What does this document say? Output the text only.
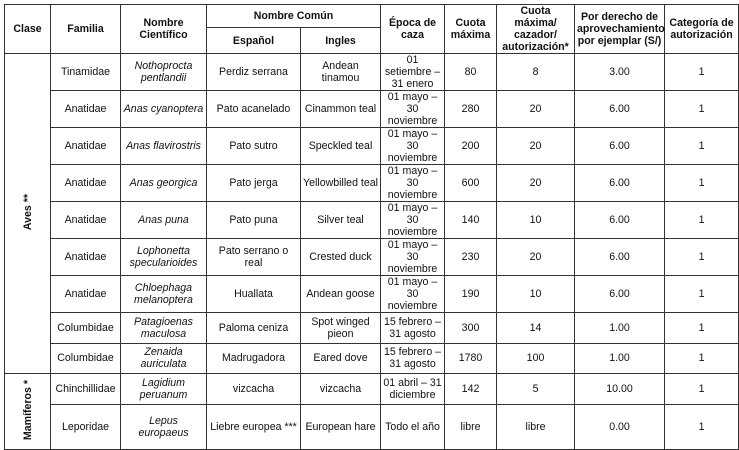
Clase	Familia	Nombre Científico	Nombre Común		Época de caza	Cuota máxima	Cuota máxima/ cazador/ autorización*	Por derecho de aprovechamiento por ejemplar (S/)	Categoría de autorización
			Español	Ingles					
Aves **	Tinamidae	Nothoprocta pentlandii	Perdiz serrana	Andean tinamou	01 setiembre – 31 enero	80	8	3.00	1
	Anatidae	Anas cyanoptera	Pato acanelado	Cinammon teal	01 mayo – 30 noviembre	280	20	6.00	1
	Anatidae	Anas flavirostris	Pato sutro	Speckled teal	01 mayo – 30 noviembre	200	20	6.00	1
	Anatidae	Anas georgica	Pato jerga	Yellowbilled teal	01 mayo – 30 noviembre	600	20	6.00	1
	Anatidae	Anas puna	Pato puna	Silver teal	01 mayo – 30 noviembre	140	10	6.00	1
	Anatidae	Lophonetta specularioides	Pato serrano o real	Crested duck	01 mayo – 30 noviembre	230	20	6.00	1
	Anatidae	Chloephaga melanoptera	Huallata	Andean goose	01 mayo – 30 noviembre	190	10	6.00	1
	Columbidae	Patagioenas maculosa	Paloma ceniza	Spot winged pieon	15 febrero – 31 agosto	300	14	1.00	1
	Columbidae	Zenaida auriculata	Madrugadora	Eared dove	15 febrero – 31 agosto	1780	100	1.00	1
Mamíferos *	Chinchillidae	Lagidium peruanum	vizcacha	vizcacha	01 abril – 31 diciembre	142	5	10.00	1
	Leporidae	Lepus europaeus	Liebre europea ***	European hare	Todo el año	libre	libre	0.00	1
